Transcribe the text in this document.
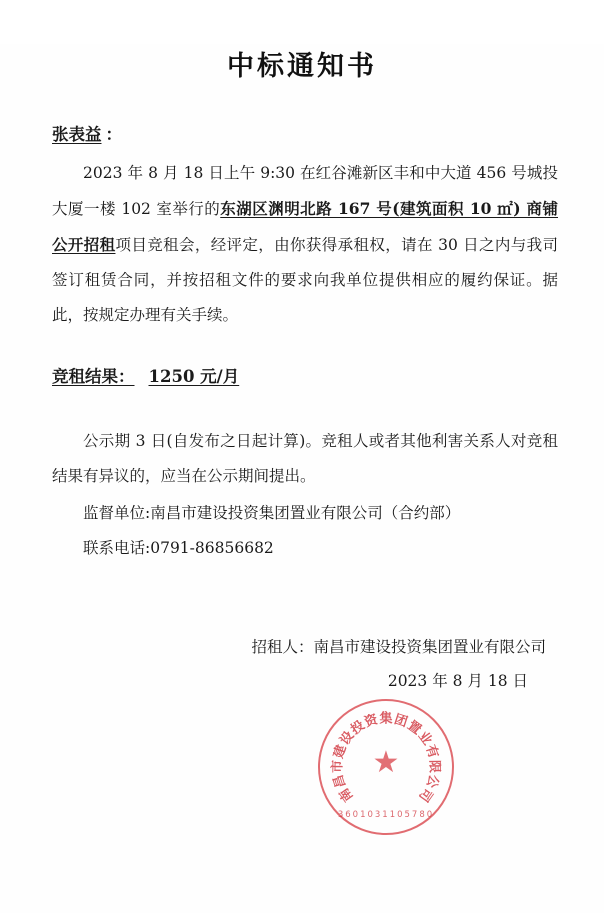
中标通知书
张表益 ：

2023 年 8 月 18 日上午 9:30 在红谷滩新区丰和中大道 456 号城投大厦一楼 102 室举行的东湖区渊明北路 167 号(建筑面积 10 ㎡) 商铺公开招租项目竞租会，经评定，由你获得承租权，请在 30 日之内与我司签订租赁合同，并按招租文件的要求向我单位提供相应的履约保证。据此，按规定办理有关手续。

竞租结果： 1250 元/月

公示期 3 日(自发布之日起计算)。竞租人或者其他利害关系人对竞租结果有异议的，应当在公示期间提出。

监督单位:南昌市建设投资集团置业有限公司（合约部）

联系电话:0791-86856682

招租人：南昌市建设投资集团置业有限公司
2023 年 8 月 18 日
南
昌
市
建
设
投
资 集 团
置
业
有
限
公
司
★
3601031105780
